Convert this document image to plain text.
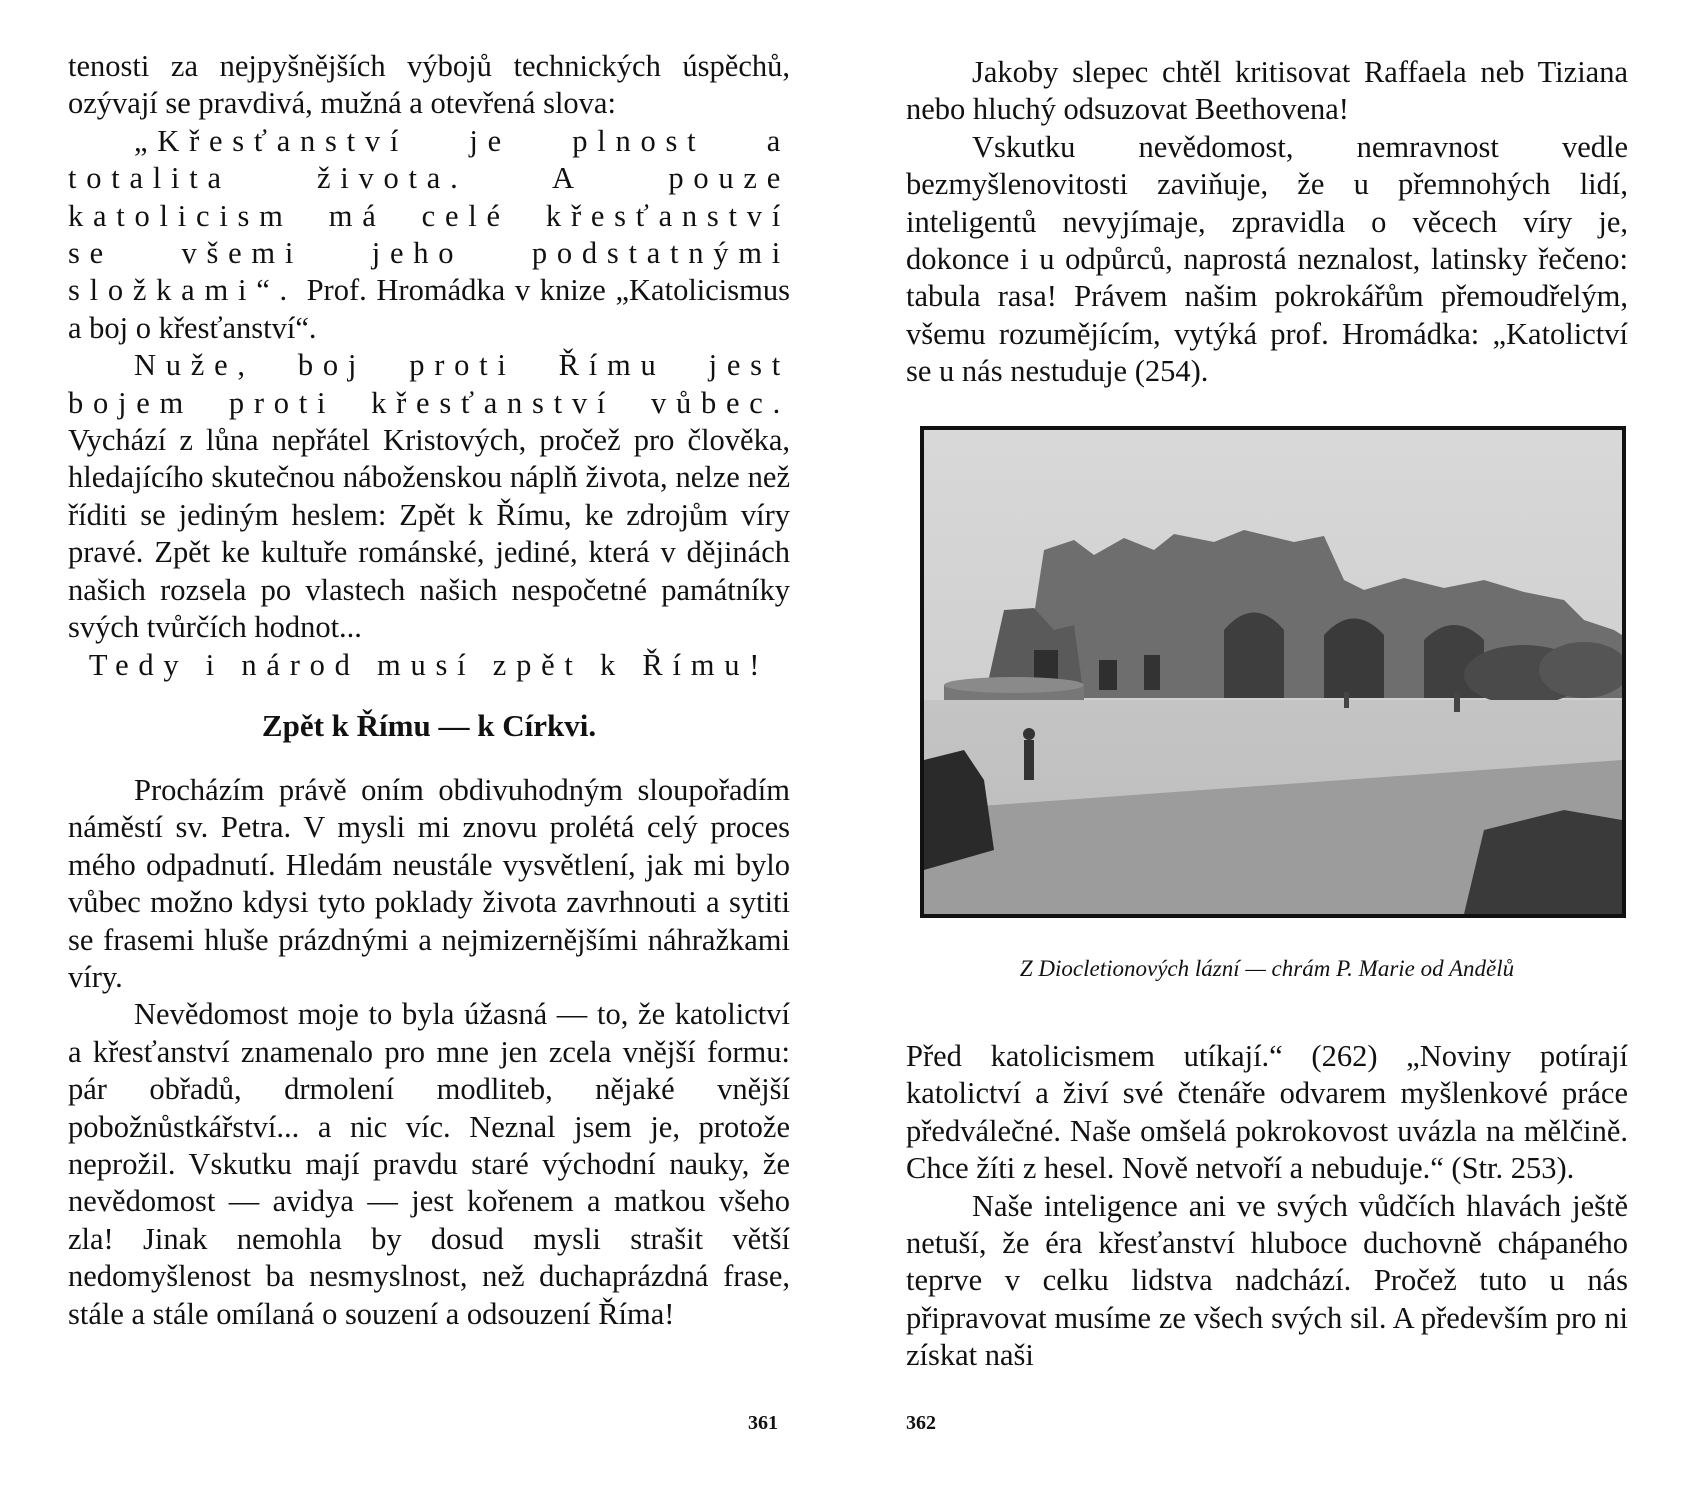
tenosti za nejpyšnějších výbojů technických úspěchů, ozývají se pravdivá, mužná a otevřená slova:

„Křesťanství je plnost a totalita života. A pouze katolicism má celé křesťanství se všemi jeho podstatnými složkami“. Prof. Hromádka v knize „Katolicismus a boj o křesťanství“.

Nuže, boj proti Římu jest bojem proti křesťanství vůbec. Vychází z lůna nepřátel Kristových, pročež pro člověka, hledajícího skutečnou náboženskou náplň života, nelze než říditi se jediným heslem: Zpět k Římu, ke zdrojům víry pravé. Zpět ke kultuře románské, jediné, která v dějinách našich rozsela po vlastech našich nespočetné památníky svých tvůrčích hodnot...

Tedy i národ musí zpět k Římu!

Zpět k Římu — k Církvi.

Procházím právě oním obdivuhodným sloupořadím náměstí sv. Petra. V mysli mi znovu prolétá celý proces mého odpadnutí. Hledám neustále vysvětlení, jak mi bylo vůbec možno kdysi tyto poklady života zavrhnouti a sytiti se frasemi hluše prázdnými a nejmizernějšími náhražkami víry.

Nevědomost moje to byla úžasná — to, že katolictví a křesťanství znamenalo pro mne jen zcela vnější formu: pár obřadů, drmolení modliteb, nějaké vnější pobožnůstkářství... a nic víc. Neznal jsem je, protože neprožil. Vskutku mají pravdu staré východní nauky, že nevědomost — avidya — jest kořenem a matkou všeho zla! Jinak nemohla by dosud mysli strašit větší nedomyšlenost ba nesmyslnost, než duchaprázdná frase, stále a stále omílaná o souzení a odsouzení Říma!

361

Jakoby slepec chtěl kritisovat Raffaela neb Tiziana nebo hluchý odsuzovat Beethovena!

Vskutku nevědomost, nemravnost vedle bezmyšlenovitosti zaviňuje, že u přemnohých lidí, inteligentů nevyjímaje, zpravidla o věcech víry je, dokonce i u odpůrců, naprostá neznalost, latinsky řečeno: tabula rasa! Právem našim pokrokářům přemoudřelým, všemu rozumějícím, vytýká prof. Hromádka: „Katolictví se u nás nestuduje (254).

Z Diocletionových lázní — chrám P. Marie od Andělů

Před katolicismem utíkají.“ (262) „Noviny potírají katolictví a živí své čtenáře odvarem myšlenkové práce předválečné. Naše omšelá pokrokovost uvázla na mělčině. Chce žíti z hesel. Nově netvoří a nebuduje.“ (Str. 253).

Naše inteligence ani ve svých vůdčích hlavách ještě netuší, že éra křesťanství hluboce duchovně chápaného teprve v celku lidstva nadchází. Pročež tuto u nás připravovat musíme ze všech svých sil. A především pro ni získat naši

362
